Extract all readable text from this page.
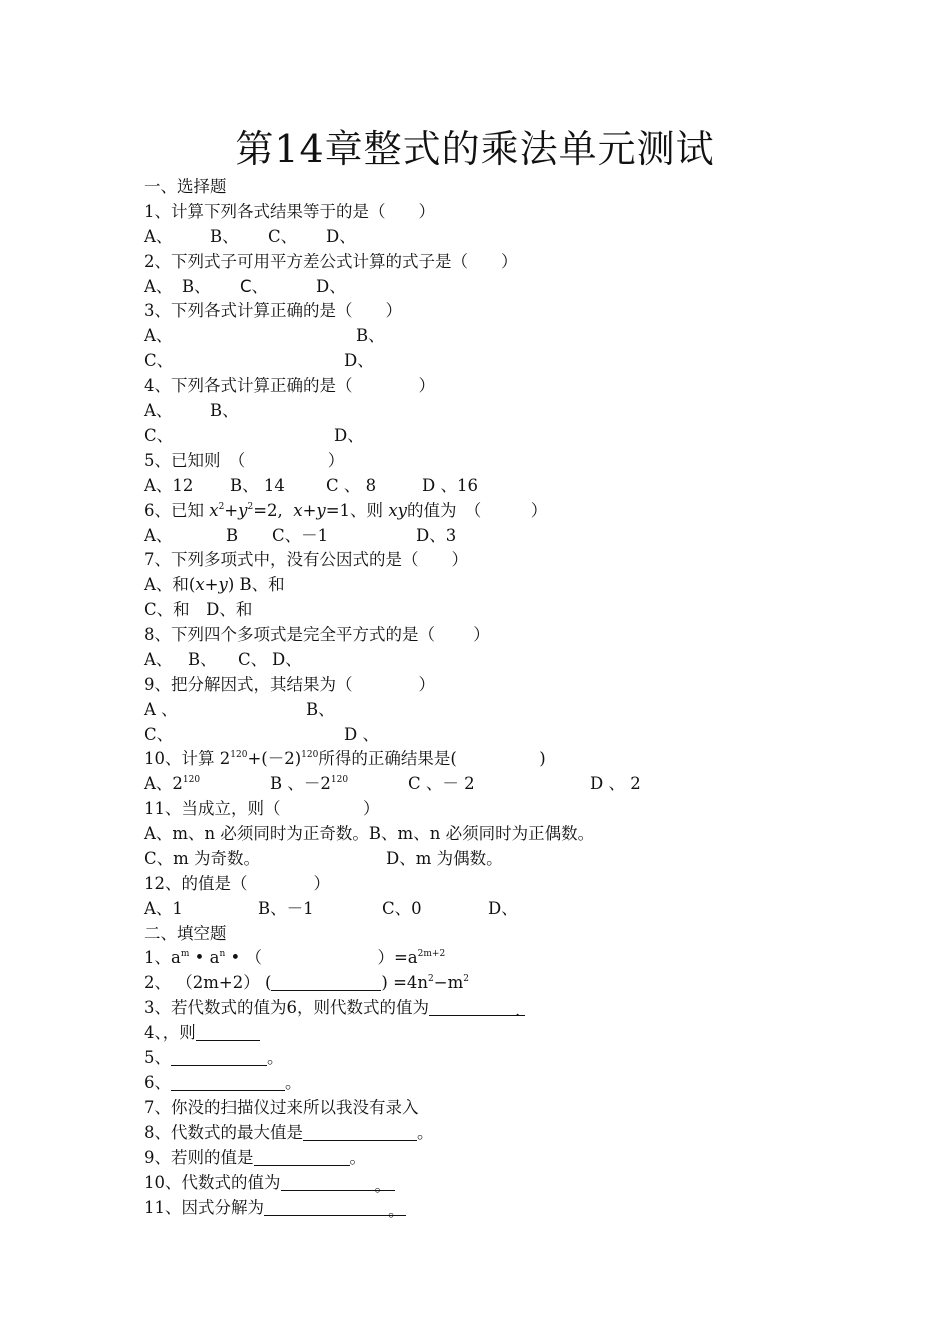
第14章整式的乘法单元测试
一、选择题
1、计算下列各式结果等于的是（　　）

A、

B、

C、

D、

2、下列式子可用平方差公式计算的式子是（　　）

A、

B、

C、

	D、

3、下列各式计算正确的是（　　）

A、

	B、

C、

	D、

4、下列各式计算正确的是（　　　　）

A、

B、

C、

	D、

5、已知则　（　　　　　）

A、12

B、 14

C 、 8

	D 、16

6、已知 $x^2+y^2=2$, x+y=1、则 xy的值为　（　　　）

A、

	B

C、－1

	D、3

7、下列多项式中，没有公因式的是（　　）
A、和(x+y) B、和
C、和　D、和
8、下列四个多项式是完全平方式的是（　　 ）

A、

B、

C、

D、

9、把分解因式，其结果为（　　　　）

A 、

	B、

C、

	D 、

10、计算 $2^{120}+(-2)^{120}$所得的正确结果是(　　　　　)

A、$2^{120}$

	B 、$-2^{120}$

	C 、－ 2

	D 、 2

11、当成立，则（　　　　　）
A、m、n 必须同时为正奇数。B、m、n 必须同时为正偶数。

C、m 为奇数。

	D、m 为偶数。

12、的值是（　　　　）

A、1

	B、－1

	C、0

	D、

二、填空题
1、$a^m$ • $a^n$ • （　　　　　　　）$=a^{2m+2}$
2、 （2m+2） (	) $=4n^2-m^2$
3、若代数式的值为6，则代数式的值为	.
4、，则
5、	。
6、	。
7、你没的扫描仪过来所以我没有录入
8、代数式的最大值是	。
9、若则的值是	。
10、代数式的值为	。
11、因式分解为	。
